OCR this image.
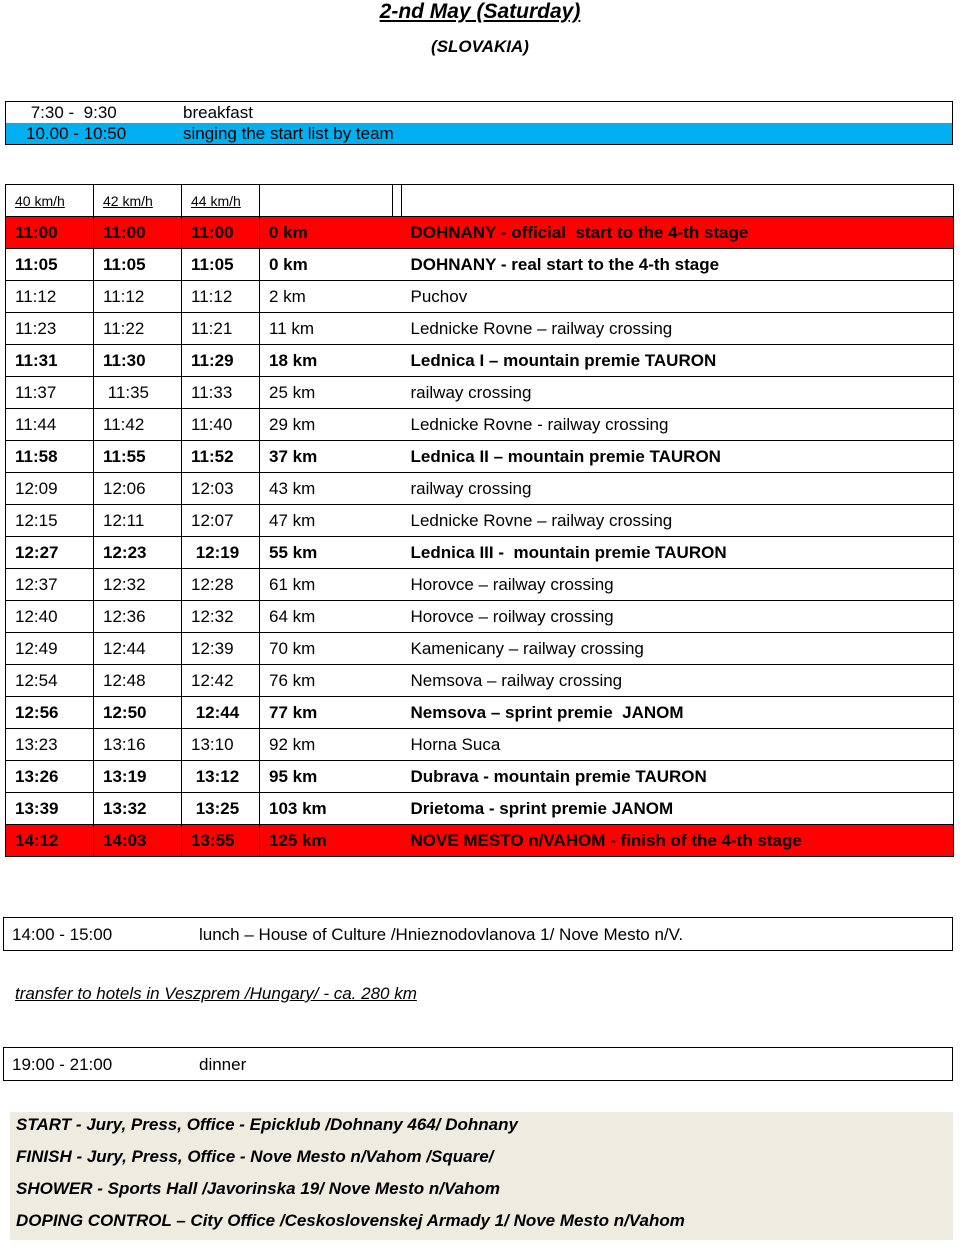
2-nd May (Saturday)
(SLOVAKIA)
7:30 -  9:30	breakfast
10.00 - 10:50	singing the start list by team
40 km/h	42 km/h	44 km/h			
11:00	11:00	11:00	0 km		DOHNANY - official  start to the 4-th stage
11:05	11:05	11:05	0 km		DOHNANY - real start to the 4-th stage
11:12	11:12	11:12	2 km		Puchov
11:23	11:22	11:21	11 km		Lednicke Rovne – railway crossing
11:31	11:30	11:29	18 km		Lednica I – mountain premie TAURON
11:37	11:35	11:33	25 km		railway crossing
11:44	11:42	11:40	29 km		Lednicke Rovne - railway crossing
11:58	11:55	11:52	37 km		Lednica II – mountain premie TAURON
12:09	12:06	12:03	43 km		railway crossing
12:15	12:11	12:07	47 km		Lednicke Rovne – railway crossing
12:27	12:23	12:19	55 km		Lednica III -  mountain premie TAURON
12:37	12:32	12:28	61 km		Horovce – railway crossing
12:40	12:36	12:32	64 km		Horovce – roilway crossing
12:49	12:44	12:39	70 km		Kamenicany – railway crossing
12:54	12:48	12:42	76 km		Nemsova – railway crossing
12:56	12:50	12:44	77 km		Nemsova – sprint premie  JANOM
13:23	13:16	13:10	92 km		Horna Suca
13:26	13:19	13:12	95 km		Dubrava - mountain premie TAURON
13:39	13:32	13:25	103 km		Drietoma - sprint premie JANOM
14:12	14:03	13:55	125 km		NOVE MESTO n/VAHOM - finish of the 4-th stage
14:00 - 15:00	lunch – House of Culture /Hnieznodovlanova 1/ Nove Mesto n/V.
transfer to hotels in Veszprem /Hungary/ - ca. 280 km
19:00 - 21:00	dinner
START - Jury, Press, Office - Epicklub /Dohnany 464/ Dohnany
FINISH - Jury, Press, Office - Nove Mesto n/Vahom /Square/
SHOWER - Sports Hall /Javorinska 19/ Nove Mesto n/Vahom
DOPING CONTROL – City Office /Ceskoslovenskej Armady 1/ Nove Mesto n/Vahom
